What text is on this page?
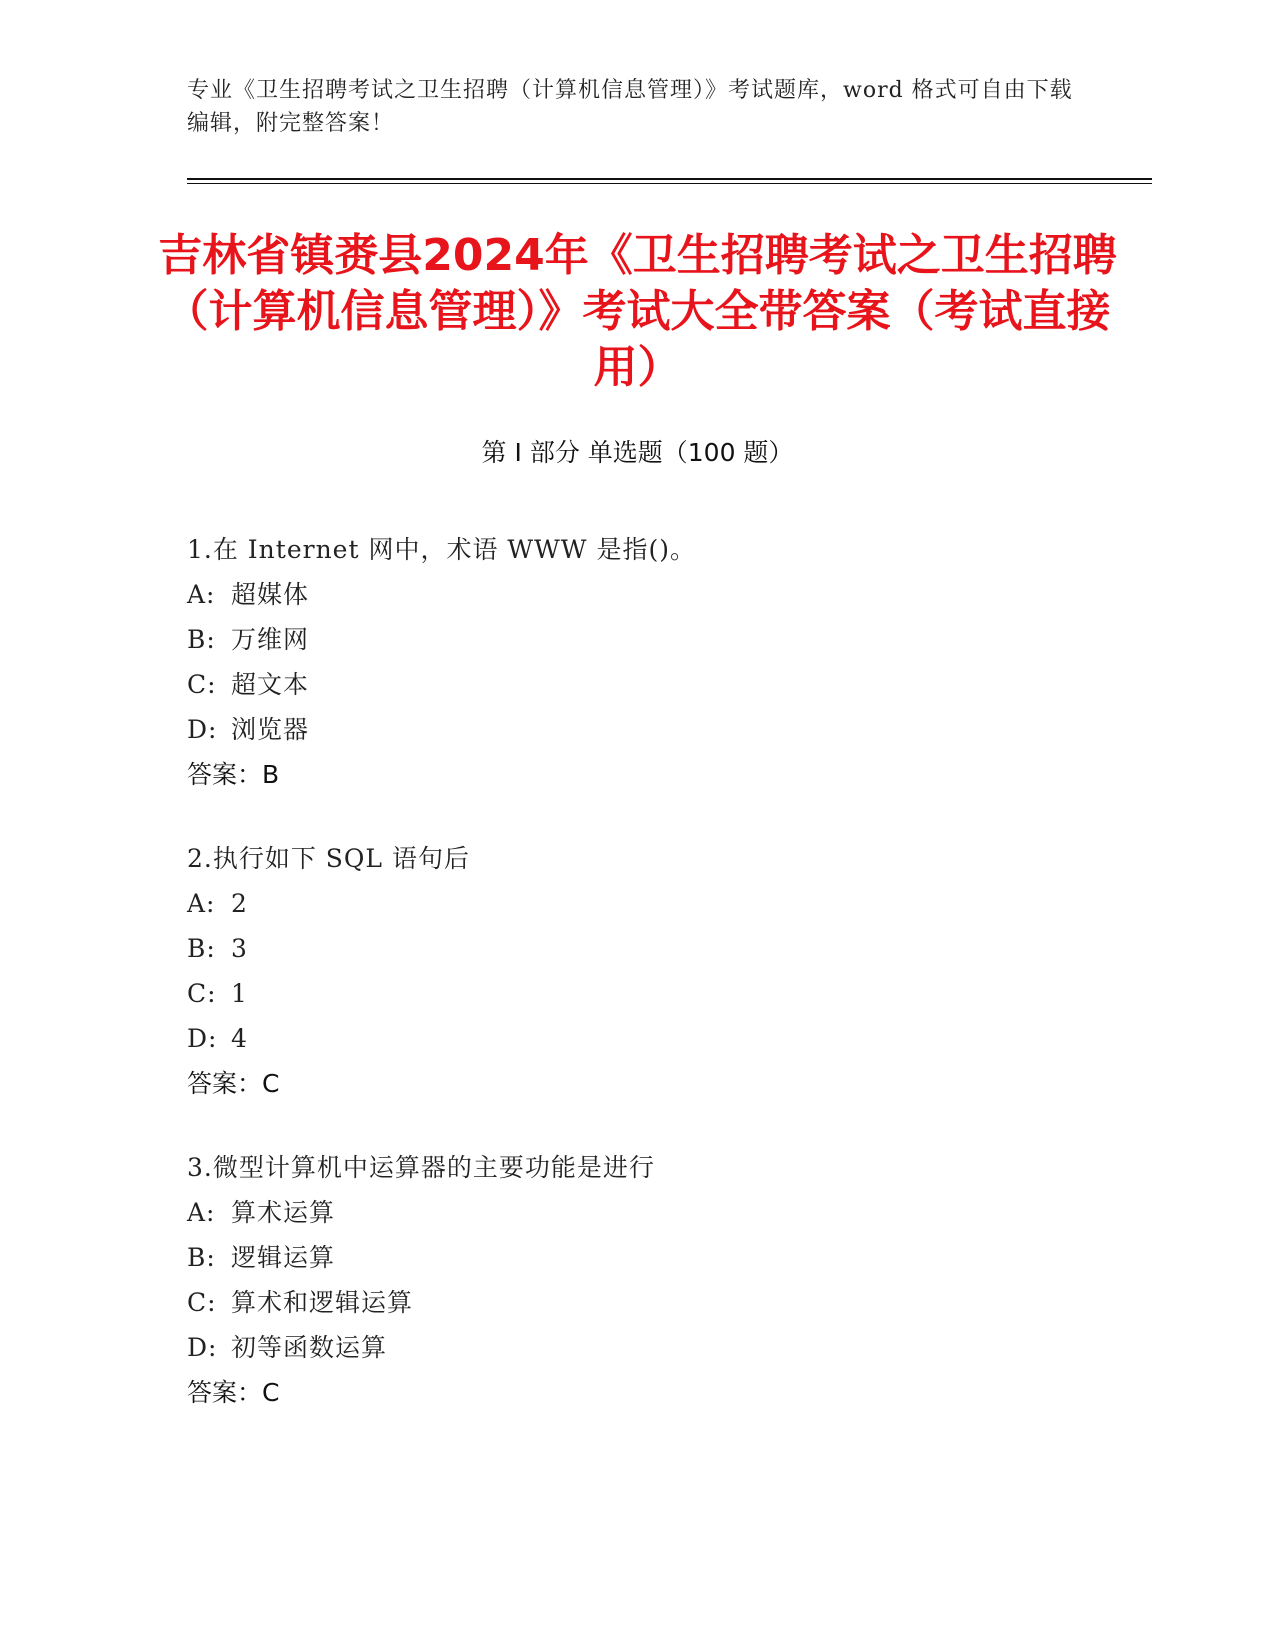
专业《卫生招聘考试之卫生招聘（计算机信息管理）》考试题库，word 格式可自由下载编辑，附完整答案！
吉林省镇赉县2024年《卫生招聘考试之卫生招聘（计算机信息管理）》考试大全带答案（考试直接用）
第 I 部分 单选题（100 题）
1.在 Internet 网中，术语 WWW 是指()。
A: 超媒体
B: 万维网
C: 超文本
D: 浏览器
答案：B
2.执行如下 SQL 语句后
A: 2
B: 3
C: 1
D: 4
答案：C
3.微型计算机中运算器的主要功能是进行
A: 算术运算
B: 逻辑运算
C: 算术和逻辑运算
D: 初等函数运算
答案：C
